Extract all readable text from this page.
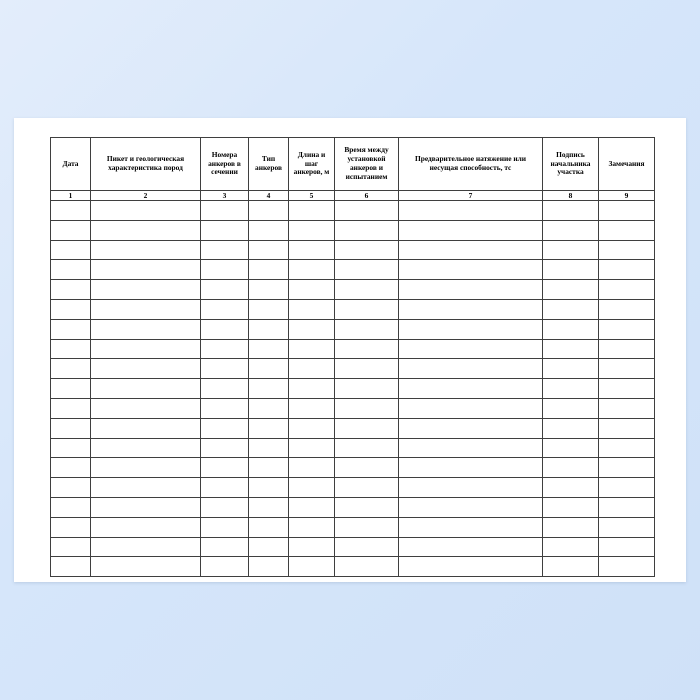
Дата	Пикет и геологическая характеристика пород	Номера анкеров в сечении	Тип анкеров	Длина и шаг анкеров, м	Время между установкой анкеров и испытанием	Предварительное натяжение или несущая способность, тс	Подпись начальника участка	Замечания
1	2	3	4	5	6	7	8	9
